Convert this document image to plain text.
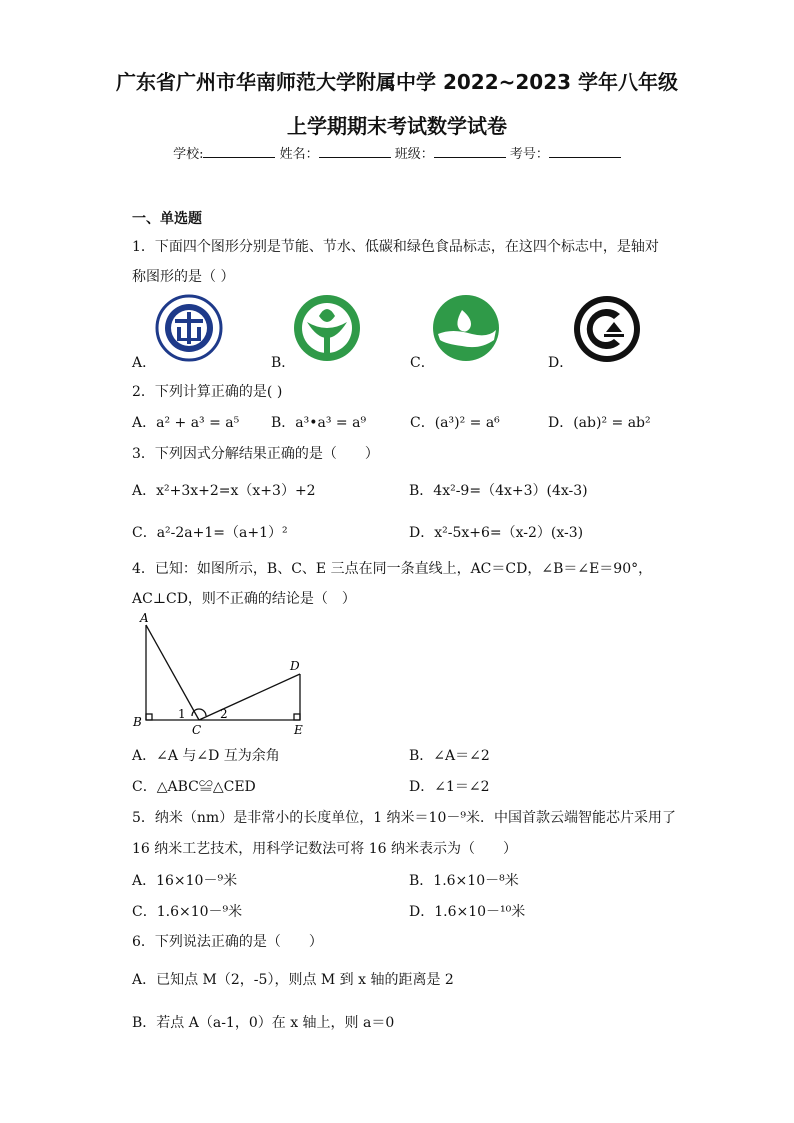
广东省广州市华南师范大学附属中学 2022~2023 学年八年级
上学期期末考试数学试卷
学校:	姓名：	班级：	考号：
一、单选题
1．下面四个图形分别是节能、节水、低碳和绿色食品标志，在这四个标志中，是轴对
称图形的是（ ）
A．	B．	C．	D．
2．下列计算正确的是( )
A．a² + a³ = a⁵ B．a³•a³ = a⁹	C．(a³)² = a⁶	D．(ab)² = ab²
3．下列因式分解结果正确的是（　　）
A．x²+3x+2=x（x+3）+2	B．4x²-9=（4x+3）(4x-3)
C．a²-2a+1=（a+1）²	D．x²-5x+6=（x-2）(x-3)
4．已知：如图所示，B、C、E 三点在同一条直线上，AC＝CD，∠B＝∠E＝90°，
AC⊥CD，则不正确的结论是（　）
A
B
C
D
E
1	2
A．∠A 与∠D 互为余角	B．∠A＝∠2
C．△ABC≌△CED	D．∠1＝∠2
5．纳米（nm）是非常小的长度单位，1 纳米＝10－⁹米．中国首款云端智能芯片采用了
16 纳米工艺技术，用科学记数法可将 16 纳米表示为（　　）
A．16×10－⁹米	B．1.6×10－⁸米
C．1.6×10－⁹米	D．1.6×10－¹⁰米
6．下列说法正确的是（　　）
A．已知点 M（2，-5），则点 M 到 x 轴的距离是 2
B．若点 A（a-1，0）在 x 轴上，则 a＝0
